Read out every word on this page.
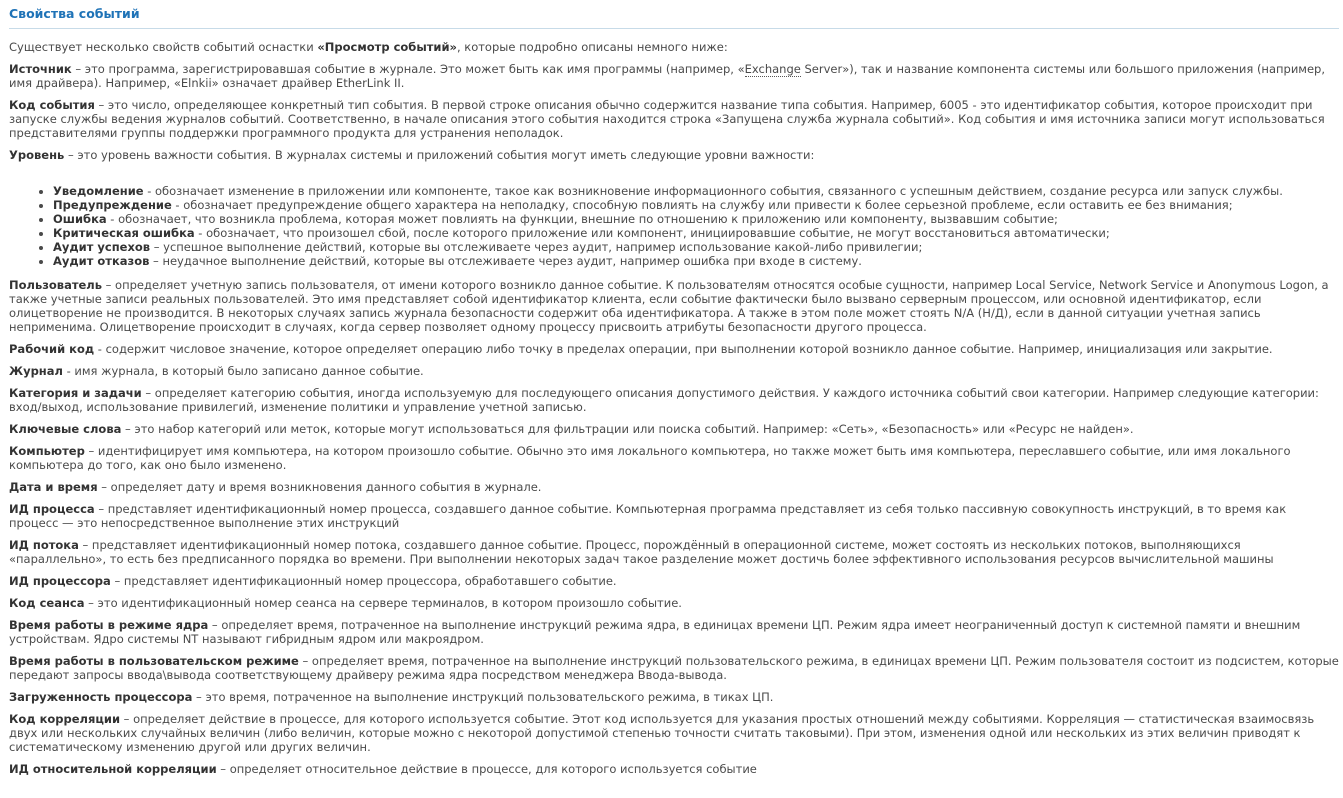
Свойства событий

Существует несколько свойств событий оснастки «Просмотр событий», которые подробно описаны немного ниже:

Источник – это программа, зарегистрировавшая событие в журнале. Это может быть как имя программы (например, «Exchange Server»), так и название компонента системы или большого приложения (например, имя драйвера). Например, «Elnkii» означает драйвер EtherLink II.

Код события – это число, определяющее конкретный тип события. В первой строке описания обычно содержится название типа события. Например, 6005 - это идентификатор события, которое происходит при запуске службы ведения журналов событий. Соответственно, в начале описания этого события находится строка «Запущена служба журнала событий». Код события и имя источника записи могут использоваться представителями группы поддержки программного продукта для устранения неполадок.

Уровень – это уровень важности события. В журналах системы и приложений события могут иметь следующие уровни важности:

• Уведомление - обозначает изменение в приложении или компоненте, такое как возникновение информационного события, связанного с успешным действием, создание ресурса или запуск службы.
• Предупреждение - обозначает предупреждение общего характера на неполадку, способную повлиять на службу или привести к более серьезной проблеме, если оставить ее без внимания;
• Ошибка - обозначает, что возникла проблема, которая может повлиять на функции, внешние по отношению к приложению или компоненту, вызвавшим событие;
• Критическая ошибка - обозначает, что произошел сбой, после которого приложение или компонент, инициировавшие событие, не могут восстановиться автоматически;
• Аудит успехов – успешное выполнение действий, которые вы отслеживаете через аудит, например использование какой-либо привилегии;
• Аудит отказов – неудачное выполнение действий, которые вы отслеживаете через аудит, например ошибка при входе в систему.

Пользователь – определяет учетную запись пользователя, от имени которого возникло данное событие. К пользователям относятся особые сущности, например Local Service, Network Service и Anonymous Logon, а также учетные записи реальных пользователей. Это имя представляет собой идентификатор клиента, если событие фактически было вызвано серверным процессом, или основной идентификатор, если олицетворение не производится. В некоторых случаях запись журнала безопасности содержит оба идентификатора. А также в этом поле может стоять N/A (Н/Д), если в данной ситуации учетная запись неприменима. Олицетворение происходит в случаях, когда сервер позволяет одному процессу присвоить атрибуты безопасности другого процесса.

Рабочий код - содержит числовое значение, которое определяет операцию либо точку в пределах операции, при выполнении которой возникло данное событие. Например, инициализация или закрытие.

Журнал - имя журнала, в который было записано данное событие.

Категория и задачи – определяет категорию события, иногда используемую для последующего описания допустимого действия. У каждого источника событий свои категории. Например следующие категории: вход/выход, использование привилегий, изменение политики и управление учетной записью.

Ключевые слова – это набор категорий или меток, которые могут использоваться для фильтрации или поиска событий. Например: «Сеть», «Безопасность» или «Ресурс не найден».

Компьютер – идентифицирует имя компьютера, на котором произошло событие. Обычно это имя локального компьютера, но также может быть имя компьютера, переславшего событие, или имя локального компьютера до того, как оно было изменено.

Дата и время – определяет дату и время возникновения данного события в журнале.

ИД процесса – представляет идентификационный номер процесса, создавшего данное событие. Компьютерная программа представляет из себя только пассивную совокупность инструкций, в то время как процесс — это непосредственное выполнение этих инструкций

ИД потока – представляет идентификационный номер потока, создавшего данное событие. Процесс, порождённый в операционной системе, может состоять из нескольких потоков, выполняющихся «параллельно», то есть без предписанного порядка во времени. При выполнении некоторых задач такое разделение может достичь более эффективного использования ресурсов вычислительной машины

ИД процессора – представляет идентификационный номер процессора, обработавшего событие.

Код сеанса – это идентификационный номер сеанса на сервере терминалов, в котором произошло событие.

Время работы в режиме ядра – определяет время, потраченное на выполнение инструкций режима ядра, в единицах времени ЦП. Режим ядра имеет неограниченный доступ к системной памяти и внешним устройствам. Ядро системы NT называют гибридным ядром или макроядром.

Время работы в пользовательском режиме – определяет время, потраченное на выполнение инструкций пользовательского режима, в единицах времени ЦП. Режим пользователя состоит из подсистем, которые передают запросы ввода\вывода соответствующему драйверу режима ядра посредством менеджера Ввода-вывода.

Загруженность процессора – это время, потраченное на выполнение инструкций пользовательского режима, в тиках ЦП.

Код корреляции – определяет действие в процессе, для которого используется событие. Этот код используется для указания простых отношений между событиями. Корреляция — статистическая взаимосвязь двух или нескольких случайных величин (либо величин, которые можно с некоторой допустимой степенью точности считать таковыми). При этом, изменения одной или нескольких из этих величин приводят к систематическому изменению другой или других величин.

ИД относительной корреляции – определяет относительное действие в процессе, для которого используется событие
